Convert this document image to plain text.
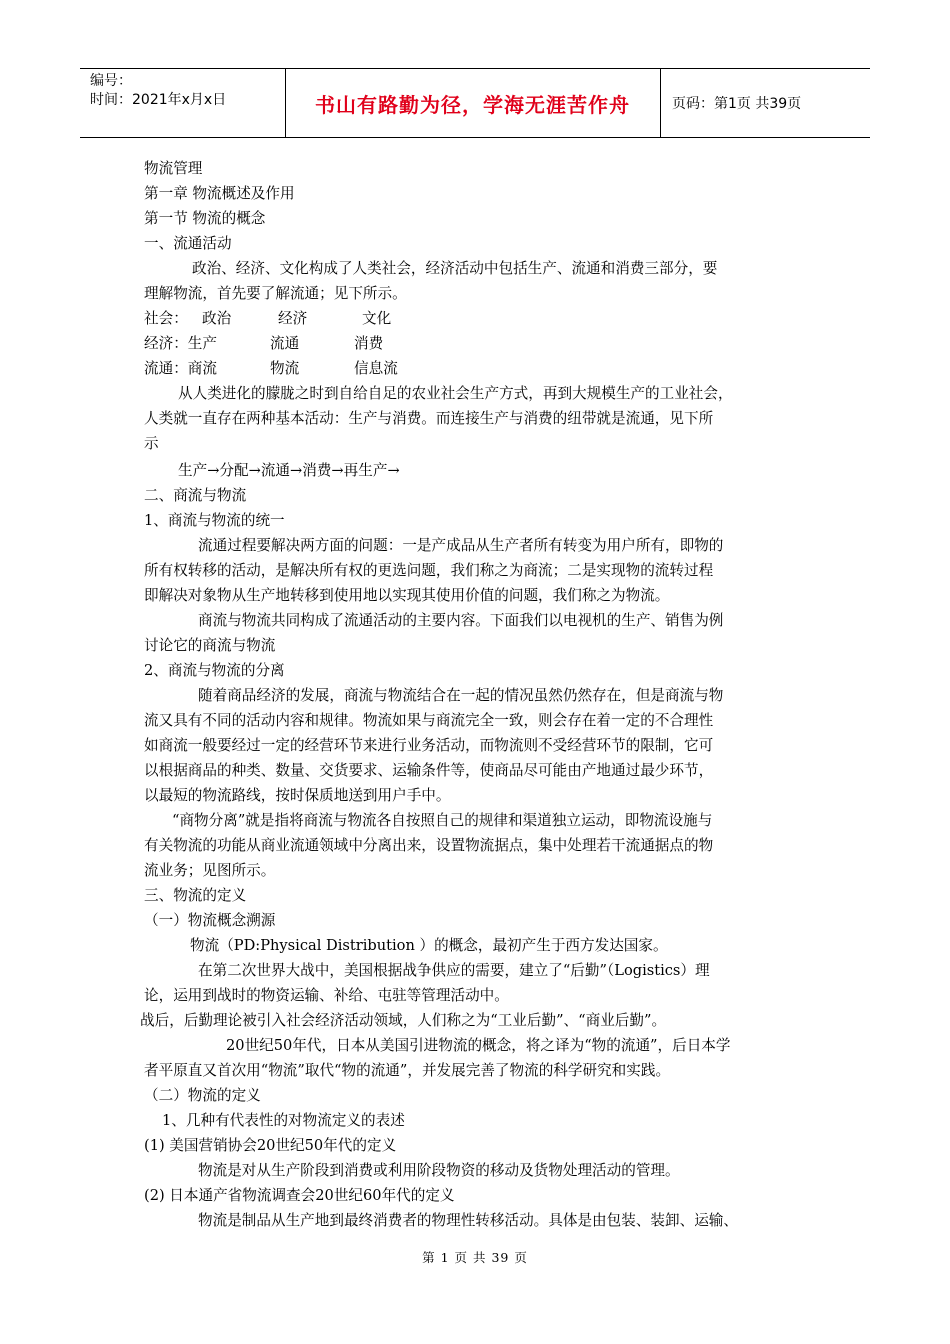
编号：
时间：2021年x月x日	书山有路勤为径，学海无涯苦作舟	页码：第1页 共39页
物流管理
第一章 物流概述及作用
第一节 物流的概念
一、流通活动
政治、经济、文化构成了人类社会，经济活动中包括生产、流通和消费三部分，要
理解物流，首先要了解流通；见下所示。
社会： 政治	经济	文化
经济：生产	流通	消费
流通：商流	物流	信息流
从人类进化的朦胧之时到自给自足的农业社会生产方式，再到大规模生产的工业社会，
人类就一直存在两种基本活动：生产与消费。而连接生产与消费的纽带就是流通，见下所
示
生产→分配→流通→消费→再生产→
二、商流与物流
1、商流与物流的统一
流通过程要解决两方面的问题：一是产成品从生产者所有转变为用户所有，即物的
所有权转移的活动，是解决所有权的更选问题，我们称之为商流；二是实现物的流转过程
即解决对象物从生产地转移到使用地以实现其使用价值的问题，我们称之为物流。
商流与物流共同构成了流通活动的主要内容。下面我们以电视机的生产、销售为例
讨论它的商流与物流
2、商流与物流的分离
随着商品经济的发展，商流与物流结合在一起的情况虽然仍然存在，但是商流与物
流又具有不同的活动内容和规律。物流如果与商流完全一致，则会存在着一定的不合理性
如商流一般要经过一定的经营环节来进行业务活动，而物流则不受经营环节的限制，它可
以根据商品的种类、数量、交货要求、运输条件等，使商品尽可能由产地通过最少环节，
以最短的物流路线，按时保质地送到用户手中。
“商物分离”就是指将商流与物流各自按照自己的规律和渠道独立运动，即物流设施与
有关物流的功能从商业流通领域中分离出来，设置物流据点，集中处理若干流通据点的物
流业务；见图所示。
三、物流的定义
（一）物流概念溯源
物流（PD:Physical Distribution ）的概念，最初产生于西方发达国家。
在第二次世界大战中，美国根据战争供应的需要，建立了“后勤”（Logistics）理
论，运用到战时的物资运输、补给、屯驻等管理活动中。
战后，后勤理论被引入社会经济活动领域，人们称之为“工业后勤”、“商业后勤”。
20世纪50年代，日本从美国引进物流的概念，将之译为“物的流通”，后日本学
者平原直又首次用“物流”取代“物的流通”，并发展完善了物流的科学研究和实践。
（二）物流的定义
1、几种有代表性的对物流定义的表述
(1) 美国营销协会20世纪50年代的定义
物流是对从生产阶段到消费或利用阶段物资的移动及货物处理活动的管理。
(2) 日本通产省物流调查会20世纪60年代的定义
物流是制品从生产地到最终消费者的物理性转移活动。具体是由包装、装卸、运输、
第 1 页 共 39 页
